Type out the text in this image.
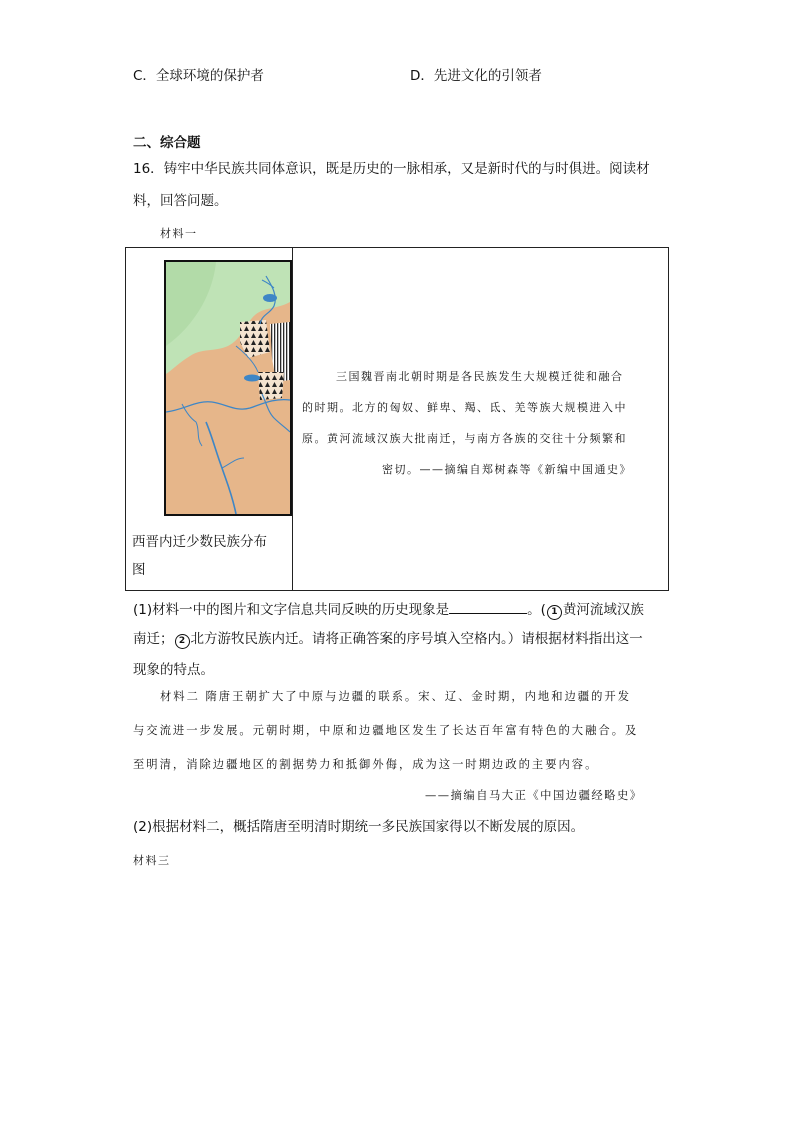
C．全球环境的保护者	D．先进文化的引领者
二、综合题
16．铸牢中华民族共同体意识，既是历史的一脉相承，又是新时代的与时俱进。阅读材
料，回答问题。
材料一
西晋内迁少数民族分布
图
三国魏晋南北朝时期是各民族发生大规模迁徙和融合
的时期。北方的匈奴、鲜卑、羯、氐、羌等族大规模进入中
原。黄河流域汉族大批南迁，与南方各族的交往十分频繁和
密切。——摘编自郑树森等《新编中国通史》
(1)材料一中的图片和文字信息共同反映的历史现象是	。( 1 黄河流域汉族
南迁； 2 北方游牧民族内迁。请将正确答案的序号填入空格内。）请根据材料指出这一
现象的特点。
材料二 隋唐王朝扩大了中原与边疆的联系。宋、辽、金时期，内地和边疆的开发
与交流进一步发展。元朝时期，中原和边疆地区发生了长达百年富有特色的大融合。及
至明清，消除边疆地区的割据势力和抵御外侮，成为这一时期边政的主要内容。
——摘编自马大正《中国边疆经略史》
(2)根据材料二，概括隋唐至明清时期统一多民族国家得以不断发展的原因。
材料三
